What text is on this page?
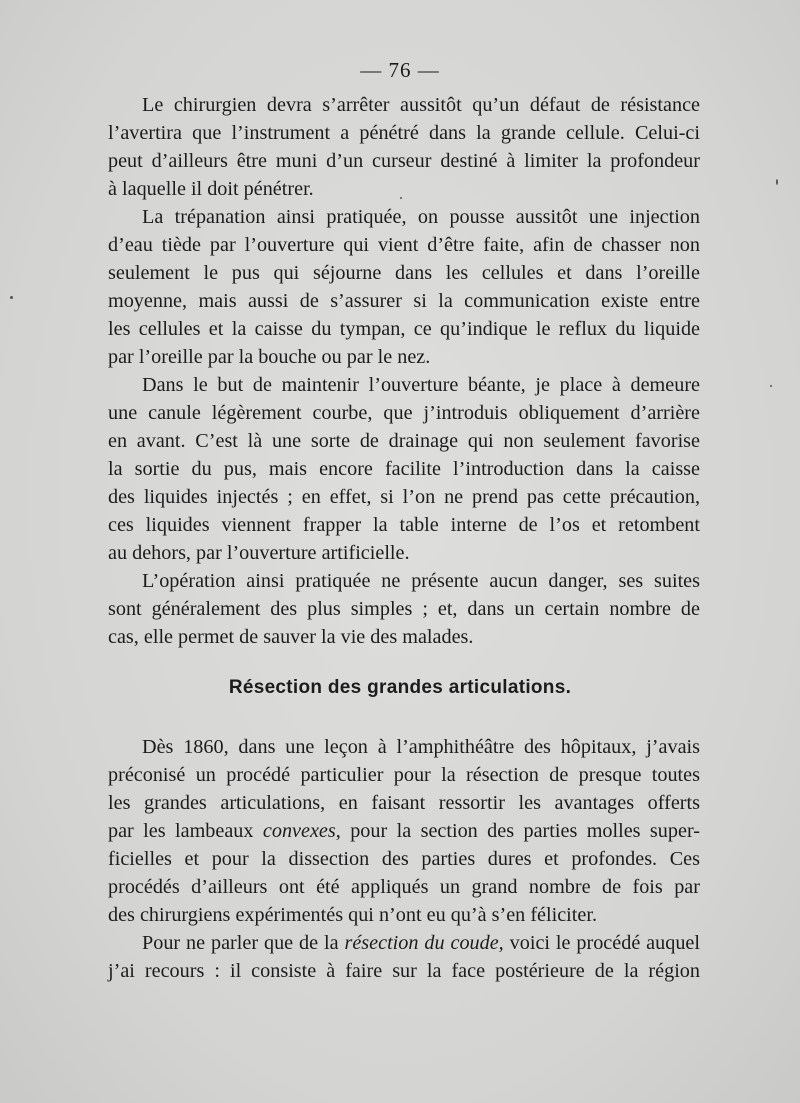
— 76 —
Le chirurgien devra s’arrêter aussitôt qu’un défaut de résistance
l’avertira que l’instrument a pénétré dans la grande cellule. Celui-ci
peut d’ailleurs être muni d’un curseur destiné à limiter la profondeur
à laquelle il doit pénétrer.
La trépanation ainsi pratiquée, on pousse aussitôt une injection
d’eau tiède par l’ouverture qui vient d’être faite, afin de chasser non
seulement le pus qui séjourne dans les cellules et dans l’oreille
moyenne, mais aussi de s’assurer si la communication existe entre
les cellules et la caisse du tympan, ce qu’indique le reflux du liquide
par l’oreille par la bouche ou par le nez.
Dans le but de maintenir l’ouverture béante, je place à demeure
une canule légèrement courbe, que j’introduis obliquement d’arrière
en avant. C’est là une sorte de drainage qui non seulement favorise
la sortie du pus, mais encore facilite l’introduction dans la caisse
des liquides injectés ; en effet, si l’on ne prend pas cette précaution,
ces liquides viennent frapper la table interne de l’os et retombent
au dehors, par l’ouverture artificielle.
L’opération ainsi pratiquée ne présente aucun danger, ses suites
sont généralement des plus simples ; et, dans un certain nombre de
cas, elle permet de sauver la vie des malades.
Résection des grandes articulations.
Dès 1860, dans une leçon à l’amphithéâtre des hôpitaux, j’avais
préconisé un procédé particulier pour la résection de presque toutes
les grandes articulations, en faisant ressortir les avantages offerts
par les lambeaux convexes, pour la section des parties molles super-
ficielles et pour la dissection des parties dures et profondes. Ces
procédés d’ailleurs ont été appliqués un grand nombre de fois par
des chirurgiens expérimentés qui n’ont eu qu’à s’en féliciter.
Pour ne parler que de la résection du coude, voici le procédé auquel
j’ai recours : il consiste à faire sur la face postérieure de la région
